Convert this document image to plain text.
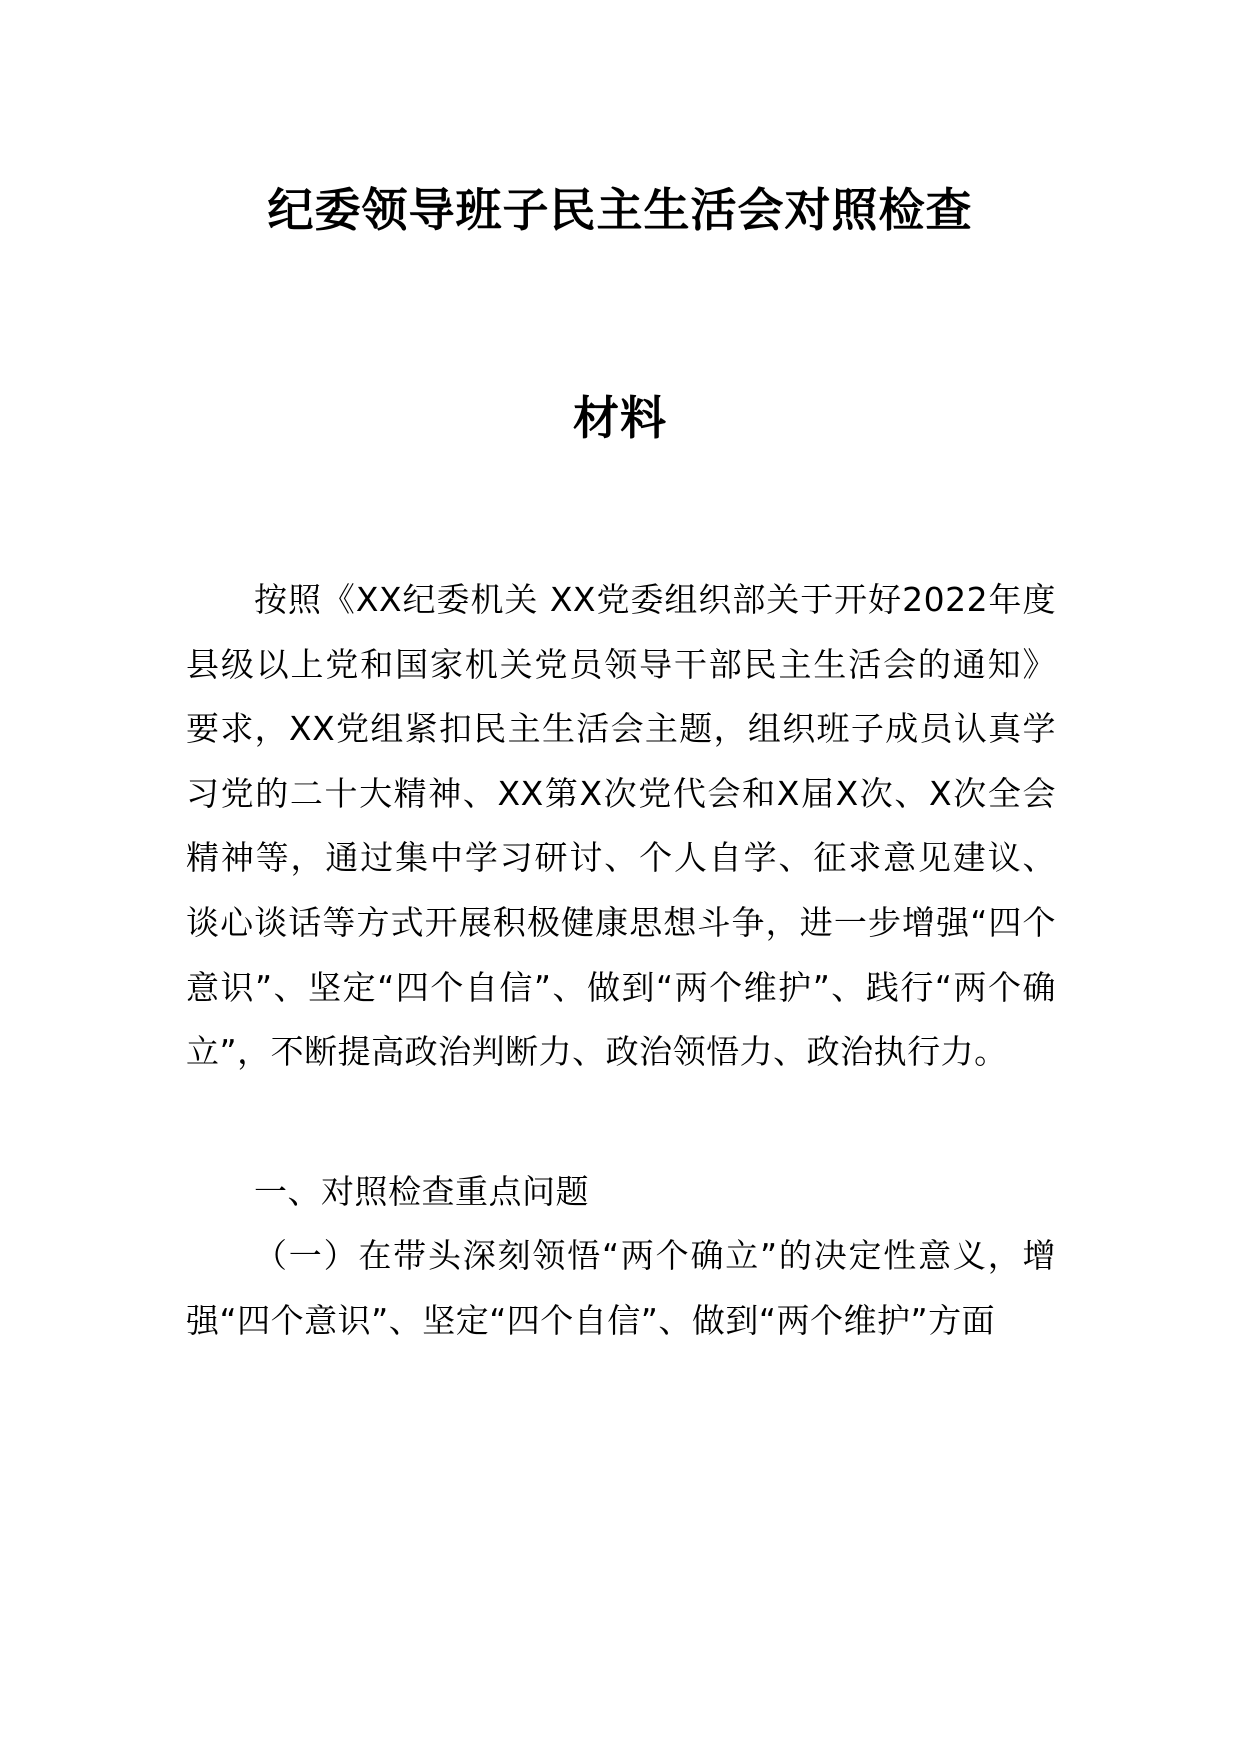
纪委领导班子民主生活会对照检查
材料

按照《XX纪委机关 XX党委组织部关于开好2022年度县级以上党和国家机关党员领导干部民主生活会的通知》要求，XX党组紧扣民主生活会主题，组织班子成员认真学习党的二十大精神、XX第X次党代会和X届X次、X次全会精神等，通过集中学习研讨、个人自学、征求意见建议、谈心谈话等方式开展积极健康思想斗争，进一步增强“四个意识”、坚定“四个自信”、做到“两个维护”、践行“两个确立”，不断提高政治判断力、政治领悟力、政治执行力。

一、对照检查重点问题

（一）在带头深刻领悟“两个确立”的决定性意义，增强“四个意识”、坚定“四个自信”、做到“两个维护”方面
